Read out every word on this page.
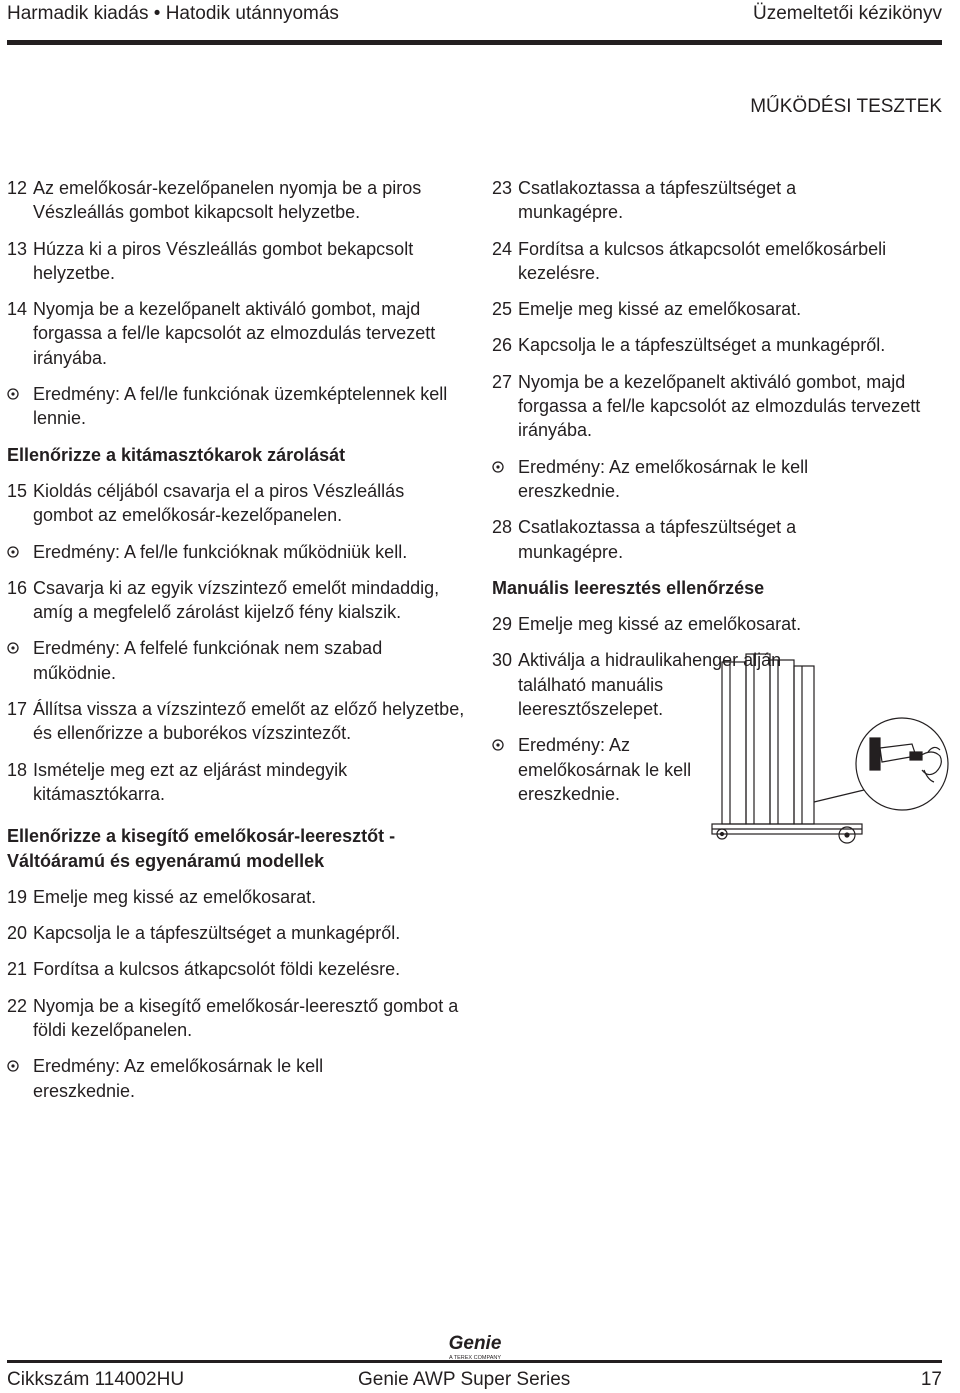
Harmadik kiadás • Hatodik utánnyomás	Üzemeltetői kézikönyv
MŰKÖDÉSI TESZTEK
12 Az emelőkosár-kezelőpanelen nyomja be a piros Vészleállás gombot kikapcsolt helyzetbe.
13 Húzza ki a piros Vészleállás gombot bekapcsolt helyzetbe.
14 Nyomja be a kezelőpanelt aktiváló gombot, majd forgassa a fel/le kapcsolót az elmozdulás tervezett irányába.
Eredmény: A fel/le funkciónak üzemképtelennek kell lennie.
Ellenőrizze a kitámasztókarok zárolását
15 Kioldás céljából csavarja el a piros Vészleállás gombot az emelőkosár-kezelőpanelen.
Eredmény: A fel/le funkcióknak működniük kell.
16 Csavarja ki az egyik vízszintező emelőt mindaddig, amíg a megfelelő zárolást kijelző fény kialszik.
Eredmény: A felfelé funkciónak nem szabad működnie.
17 Állítsa vissza a vízszintező emelőt az előző helyzetbe, és ellenőrizze a buborékos vízszintezőt.
18 Ismételje meg ezt az eljárást mindegyik kitámasztókarra.
Ellenőrizze a kisegítő emelőkosár-leeresztőt - Váltóáramú és egyenáramú modellek
19 Emelje meg kissé az emelőkosarat.
20 Kapcsolja le a tápfeszültséget a munkagépről.
21 Fordítsa a kulcsos átkapcsolót földi kezelésre.
22 Nyomja be a kisegítő emelőkosár-leeresztő gombot a földi kezelőpanelen.
Eredmény: Az emelőkosárnak le kell ereszkednie.
23 Csatlakoztassa a tápfeszültséget a munkagépre.
24 Fordítsa a kulcsos átkapcsolót emelőkosárbeli kezelésre.
25 Emelje meg kissé az emelőkosarat.
26 Kapcsolja le a tápfeszültséget a munkagépről.
27 Nyomja be a kezelőpanelt aktiváló gombot, majd forgassa a fel/le kapcsolót az elmozdulás tervezett irányába.
Eredmény: Az emelőkosárnak le kell ereszkednie.
28 Csatlakoztassa a tápfeszültséget a munkagépre.
Manuális leeresztés ellenőrzése
29 Emelje meg kissé az emelőkosarat.
30 Aktiválja a hidraulikahenger alján található manuális leeresztőszelepet.
Eredmény: Az emelőkosárnak le kell ereszkednie.
Genie
A TEREX COMPANY
Cikkszám 114002HU	Genie AWP Super Series	17
